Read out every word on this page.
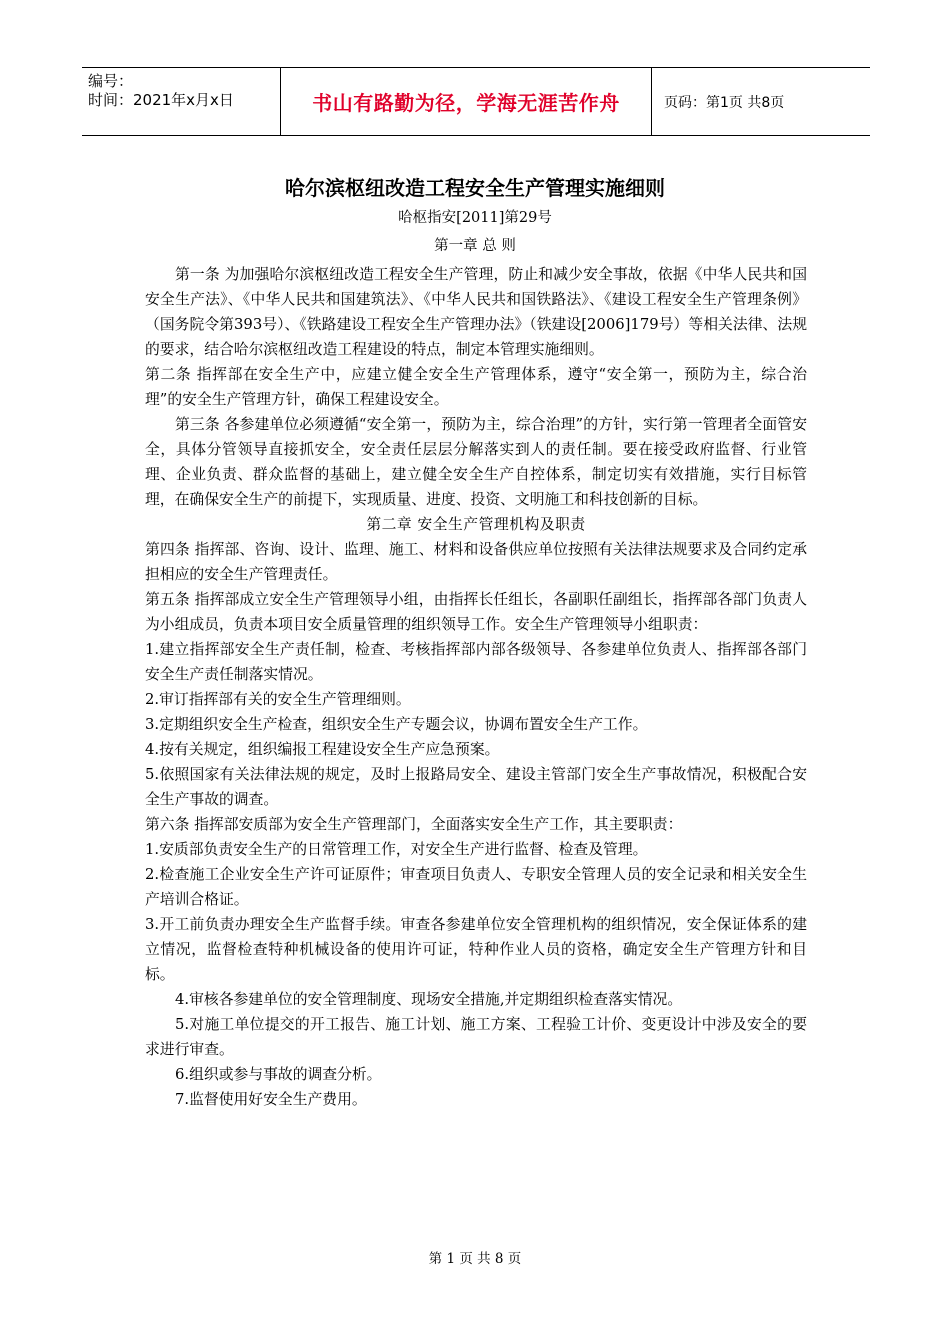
编号：
时间：2021年x月x日	书山有路勤为径，学海无涯苦作舟	页码：第1页 共8页
哈尔滨枢纽改造工程安全生产管理实施细则
哈枢指安[2011]第29号
第一章 总 则

第一条 为加强哈尔滨枢纽改造工程安全生产管理，防止和减少安全事故，依据《中华人民共和国安全生产法》、《中华人民共和国建筑法》、《中华人民共和国铁路法》、《建设工程安全生产管理条例》（国务院令第393号）、《铁路建设工程安全生产管理办法》（铁建设[2006]179号）等相关法律、法规的要求，结合哈尔滨枢纽改造工程建设的特点，制定本管理实施细则。

第二条 指挥部在安全生产中，应建立健全安全生产管理体系，遵守“安全第一，预防为主，综合治理”的安全生产管理方针，确保工程建设安全。

第三条 各参建单位必须遵循“安全第一，预防为主，综合治理”的方针，实行第一管理者全面管安全，具体分管领导直接抓安全，安全责任层层分解落实到人的责任制。要在接受政府监督、行业管理、企业负责、群众监督的基础上，建立健全安全生产自控体系，制定切实有效措施，实行目标管理，在确保安全生产的前提下，实现质量、进度、投资、文明施工和科技创新的目标。

第二章 安全生产管理机构及职责

第四条 指挥部、咨询、设计、监理、施工、材料和设备供应单位按照有关法律法规要求及合同约定承担相应的安全生产管理责任。

第五条 指挥部成立安全生产管理领导小组，由指挥长任组长，各副职任副组长，指挥部各部门负责人为小组成员，负责本项目安全质量管理的组织领导工作。安全生产管理领导小组职责：

1.建立指挥部安全生产责任制，检查、考核指挥部内部各级领导、各参建单位负责人、指挥部各部门安全生产责任制落实情况。

2.审订指挥部有关的安全生产管理细则。

3.定期组织安全生产检查，组织安全生产专题会议，协调布置安全生产工作。

4.按有关规定，组织编报工程建设安全生产应急预案。

5.依照国家有关法律法规的规定，及时上报路局安全、建设主管部门安全生产事故情况，积极配合安全生产事故的调查。

第六条 指挥部安质部为安全生产管理部门，全面落实安全生产工作，其主要职责：

1.安质部负责安全生产的日常管理工作，对安全生产进行监督、检查及管理。

2.检查施工企业安全生产许可证原件；审查项目负责人、专职安全管理人员的安全记录和相关安全生产培训合格证。

3.开工前负责办理安全生产监督手续。审查各参建单位安全管理机构的组织情况，安全保证体系的建立情况，监督检查特种机械设备的使用许可证，特种作业人员的资格，确定安全生产管理方针和目标。

4.审核各参建单位的安全管理制度、现场安全措施,并定期组织检查落实情况。

5.对施工单位提交的开工报告、施工计划、施工方案、工程验工计价、变更设计中涉及安全的要求进行审查。

6.组织或参与事故的调查分析。

7.监督使用好安全生产费用。

第 1 页 共 8 页
